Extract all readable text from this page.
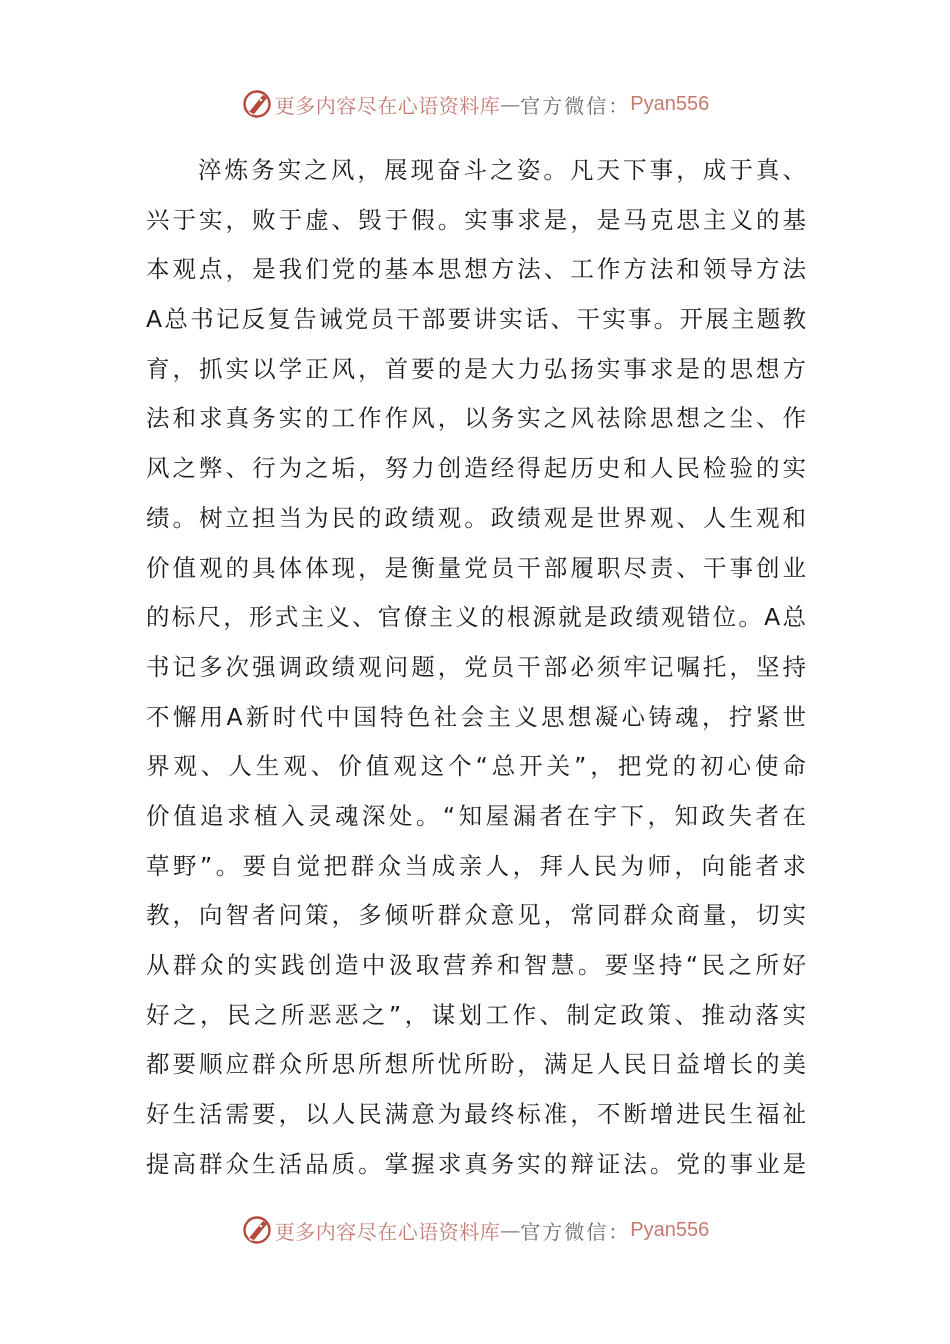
更多内容尽在心语资料库 — 官方微信： Pyan556
淬炼务实之风，展现奋斗之姿。凡天下事，成于真、
兴于实，败于虚、毁于假。实事求是，是马克思主义的基
本观点，是我们党的基本思想方法、工作方法和领导方法
A总书记反复告诫党员干部要讲实话、干实事。开展主题教
育，抓实以学正风，首要的是大力弘扬实事求是的思想方
法和求真务实的工作作风，以务实之风祛除思想之尘、作
风之弊、行为之垢，努力创造经得起历史和人民检验的实
绩。树立担当为民的政绩观。政绩观是世界观、人生观和
价值观的具体体现，是衡量党员干部履职尽责、干事创业
的标尺，形式主义、官僚主义的根源就是政绩观错位。A总
书记多次强调政绩观问题，党员干部必须牢记嘱托，坚持
不懈用A新时代中国特色社会主义思想凝心铸魂，拧紧世
界观、人生观、价值观这个“总开关”，把党的初心使命
价值追求植入灵魂深处。“知屋漏者在宇下，知政失者在
草野”。要自觉把群众当成亲人，拜人民为师，向能者求
教，向智者问策，多倾听群众意见，常同群众商量，切实
从群众的实践创造中汲取营养和智慧。要坚持“民之所好
好之，民之所恶恶之”，谋划工作、制定政策、推动落实
都要顺应群众所思所想所忧所盼，满足人民日益增长的美
好生活需要，以人民满意为最终标准，不断增进民生福祉
提高群众生活品质。掌握求真务实的辩证法。党的事业是
更多内容尽在心语资料库 — 官方微信： Pyan556
